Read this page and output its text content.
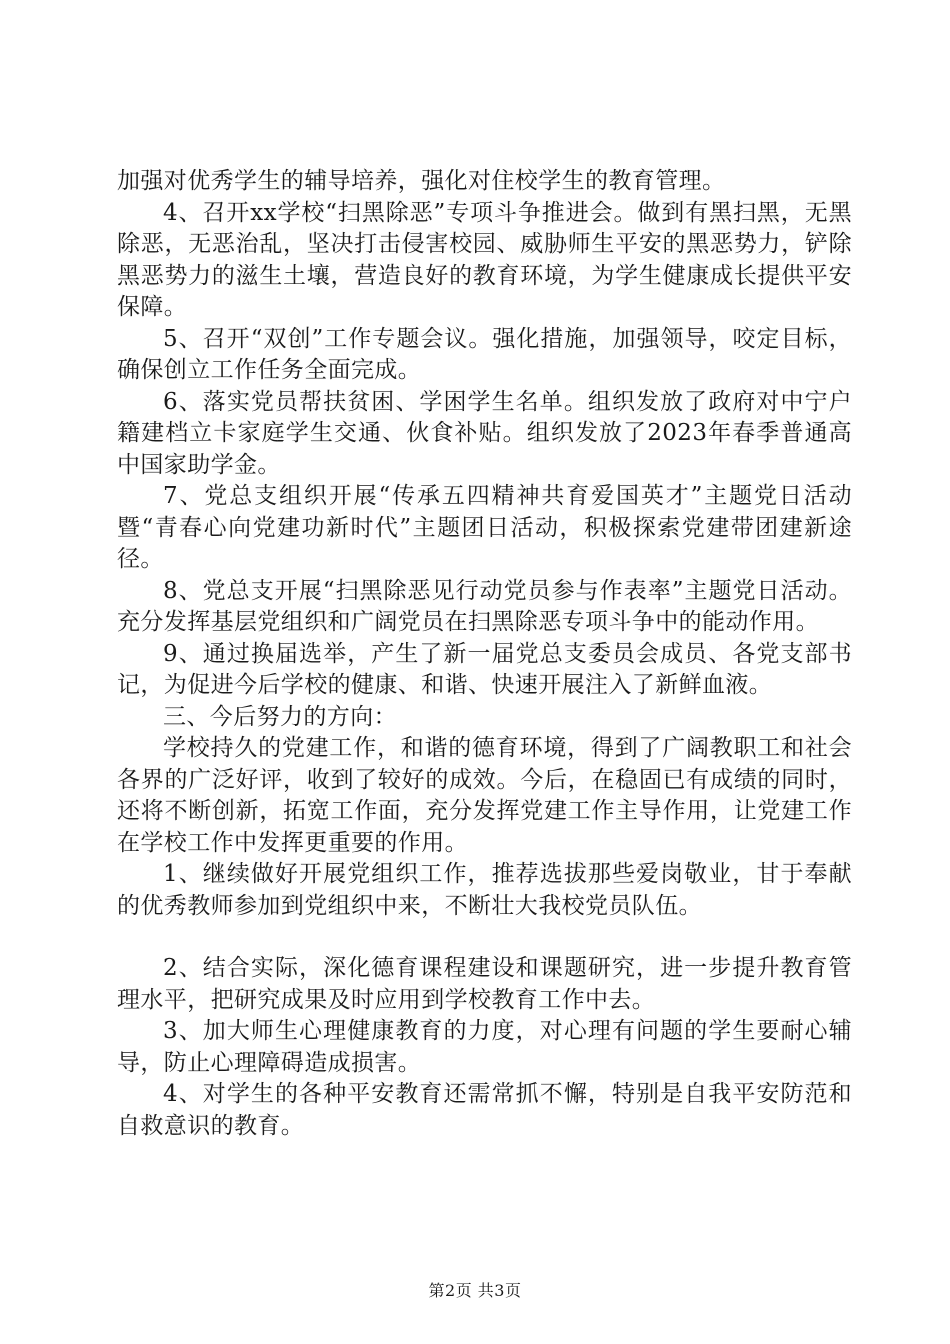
加强对优秀学生的辅导培养，强化对住校学生的教育管理。

4、召开xx学校“扫黑除恶”专项斗争推进会。做到有黑扫黑，无黑除恶，无恶治乱，坚决打击侵害校园、威胁师生平安的黑恶势力，铲除黑恶势力的滋生土壤，营造良好的教育环境，为学生健康成长提供平安保障。

5、召开“双创”工作专题会议。强化措施，加强领导，咬定目标，确保创立工作任务全面完成。

6、落实党员帮扶贫困、学困学生名单。组织发放了政府对中宁户籍建档立卡家庭学生交通、伙食补贴。组织发放了2023年春季普通高中国家助学金。

7、党总支组织开展“传承五四精神共育爱国英才”主题党日活动暨“青春心向党建功新时代”主题团日活动，积极探索党建带团建新途径。

8、党总支开展“扫黑除恶见行动党员参与作表率”主题党日活动。充分发挥基层党组织和广阔党员在扫黑除恶专项斗争中的能动作用。

9、通过换届选举，产生了新一届党总支委员会成员、各党支部书记，为促进今后学校的健康、和谐、快速开展注入了新鲜血液。

三、今后努力的方向：

学校持久的党建工作，和谐的德育环境，得到了广阔教职工和社会各界的广泛好评，收到了较好的成效。今后，在稳固已有成绩的同时，还将不断创新，拓宽工作面，充分发挥党建工作主导作用，让党建工作在学校工作中发挥更重要的作用。

1、继续做好开展党组织工作，推荐选拔那些爱岗敬业，甘于奉献的优秀教师参加到党组织中来，不断壮大我校党员队伍。

2、结合实际，深化德育课程建设和课题研究，进一步提升教育管理水平，把研究成果及时应用到学校教育工作中去。

3、加大师生心理健康教育的力度，对心理有问题的学生要耐心辅导，防止心理障碍造成损害。

4、对学生的各种平安教育还需常抓不懈，特别是自我平安防范和自救意识的教育。

第2页 共3页
